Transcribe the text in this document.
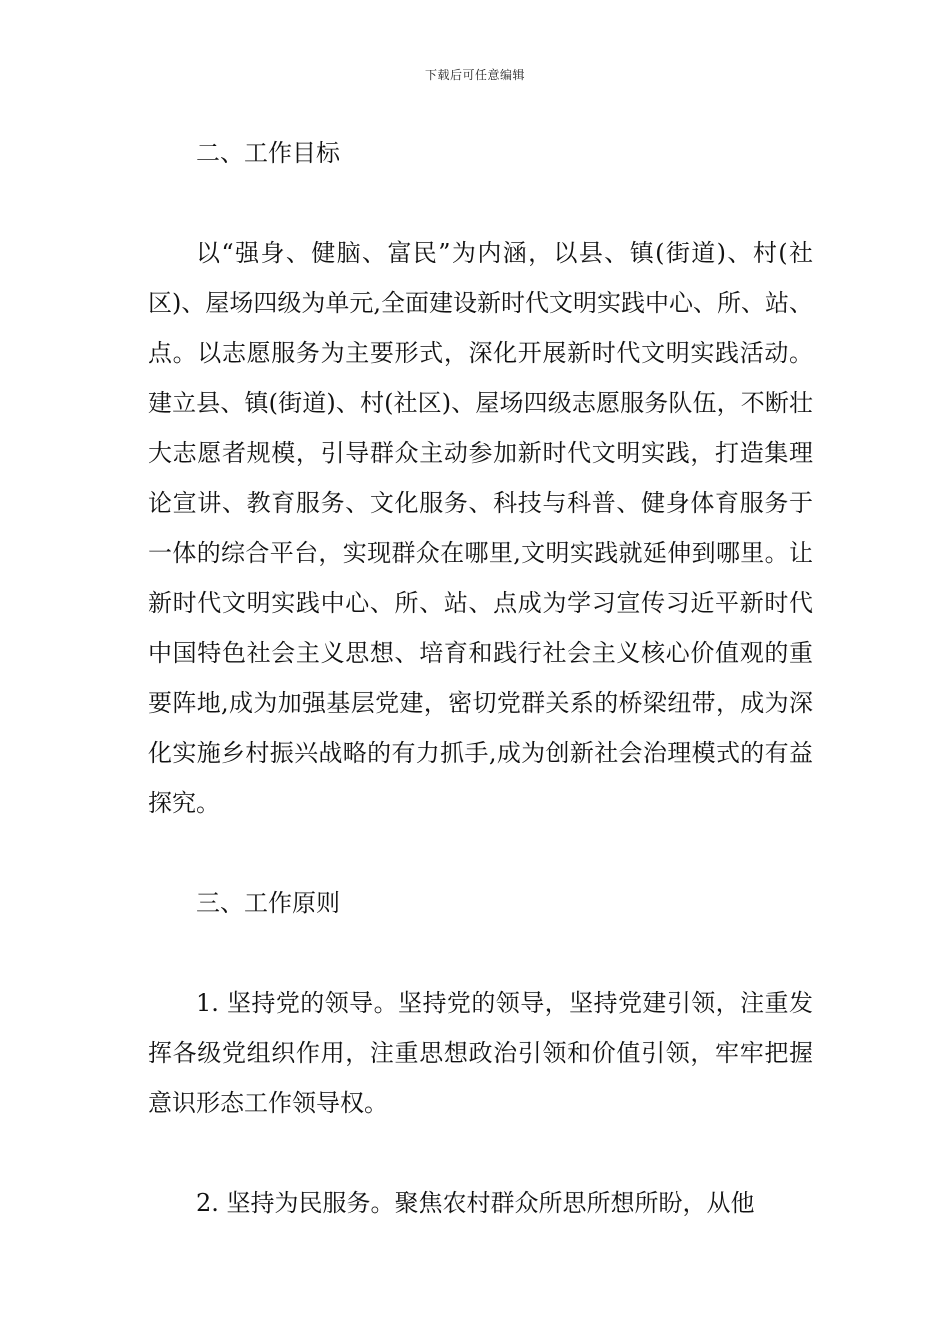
下载后可任意编辑

二、工作目标

以“强身、健脑、富民”为内涵，以县、镇(街道)、村(社区)、屋场四级为单元,全面建设新时代文明实践中心、所、站、点。以志愿服务为主要形式，深化开展新时代文明实践活动。建立县、镇(街道)、村(社区)、屋场四级志愿服务队伍，不断壮大志愿者规模，引导群众主动参加新时代文明实践，打造集理论宣讲、教育服务、文化服务、科技与科普、健身体育服务于一体的综合平台，实现群众在哪里,文明实践就延伸到哪里。让新时代文明实践中心、所、站、点成为学习宣传习近平新时代中国特色社会主义思想、培育和践行社会主义核心价值观的重要阵地,成为加强基层党建，密切党群关系的桥梁纽带，成为深化实施乡村振兴战略的有力抓手,成为创新社会治理模式的有益探究。

三、工作原则

1. 坚持党的领导。坚持党的领导，坚持党建引领，注重发挥各级党组织作用，注重思想政治引领和价值引领，牢牢把握意识形态工作领导权。

2. 坚持为民服务。聚焦农村群众所思所想所盼，从他
